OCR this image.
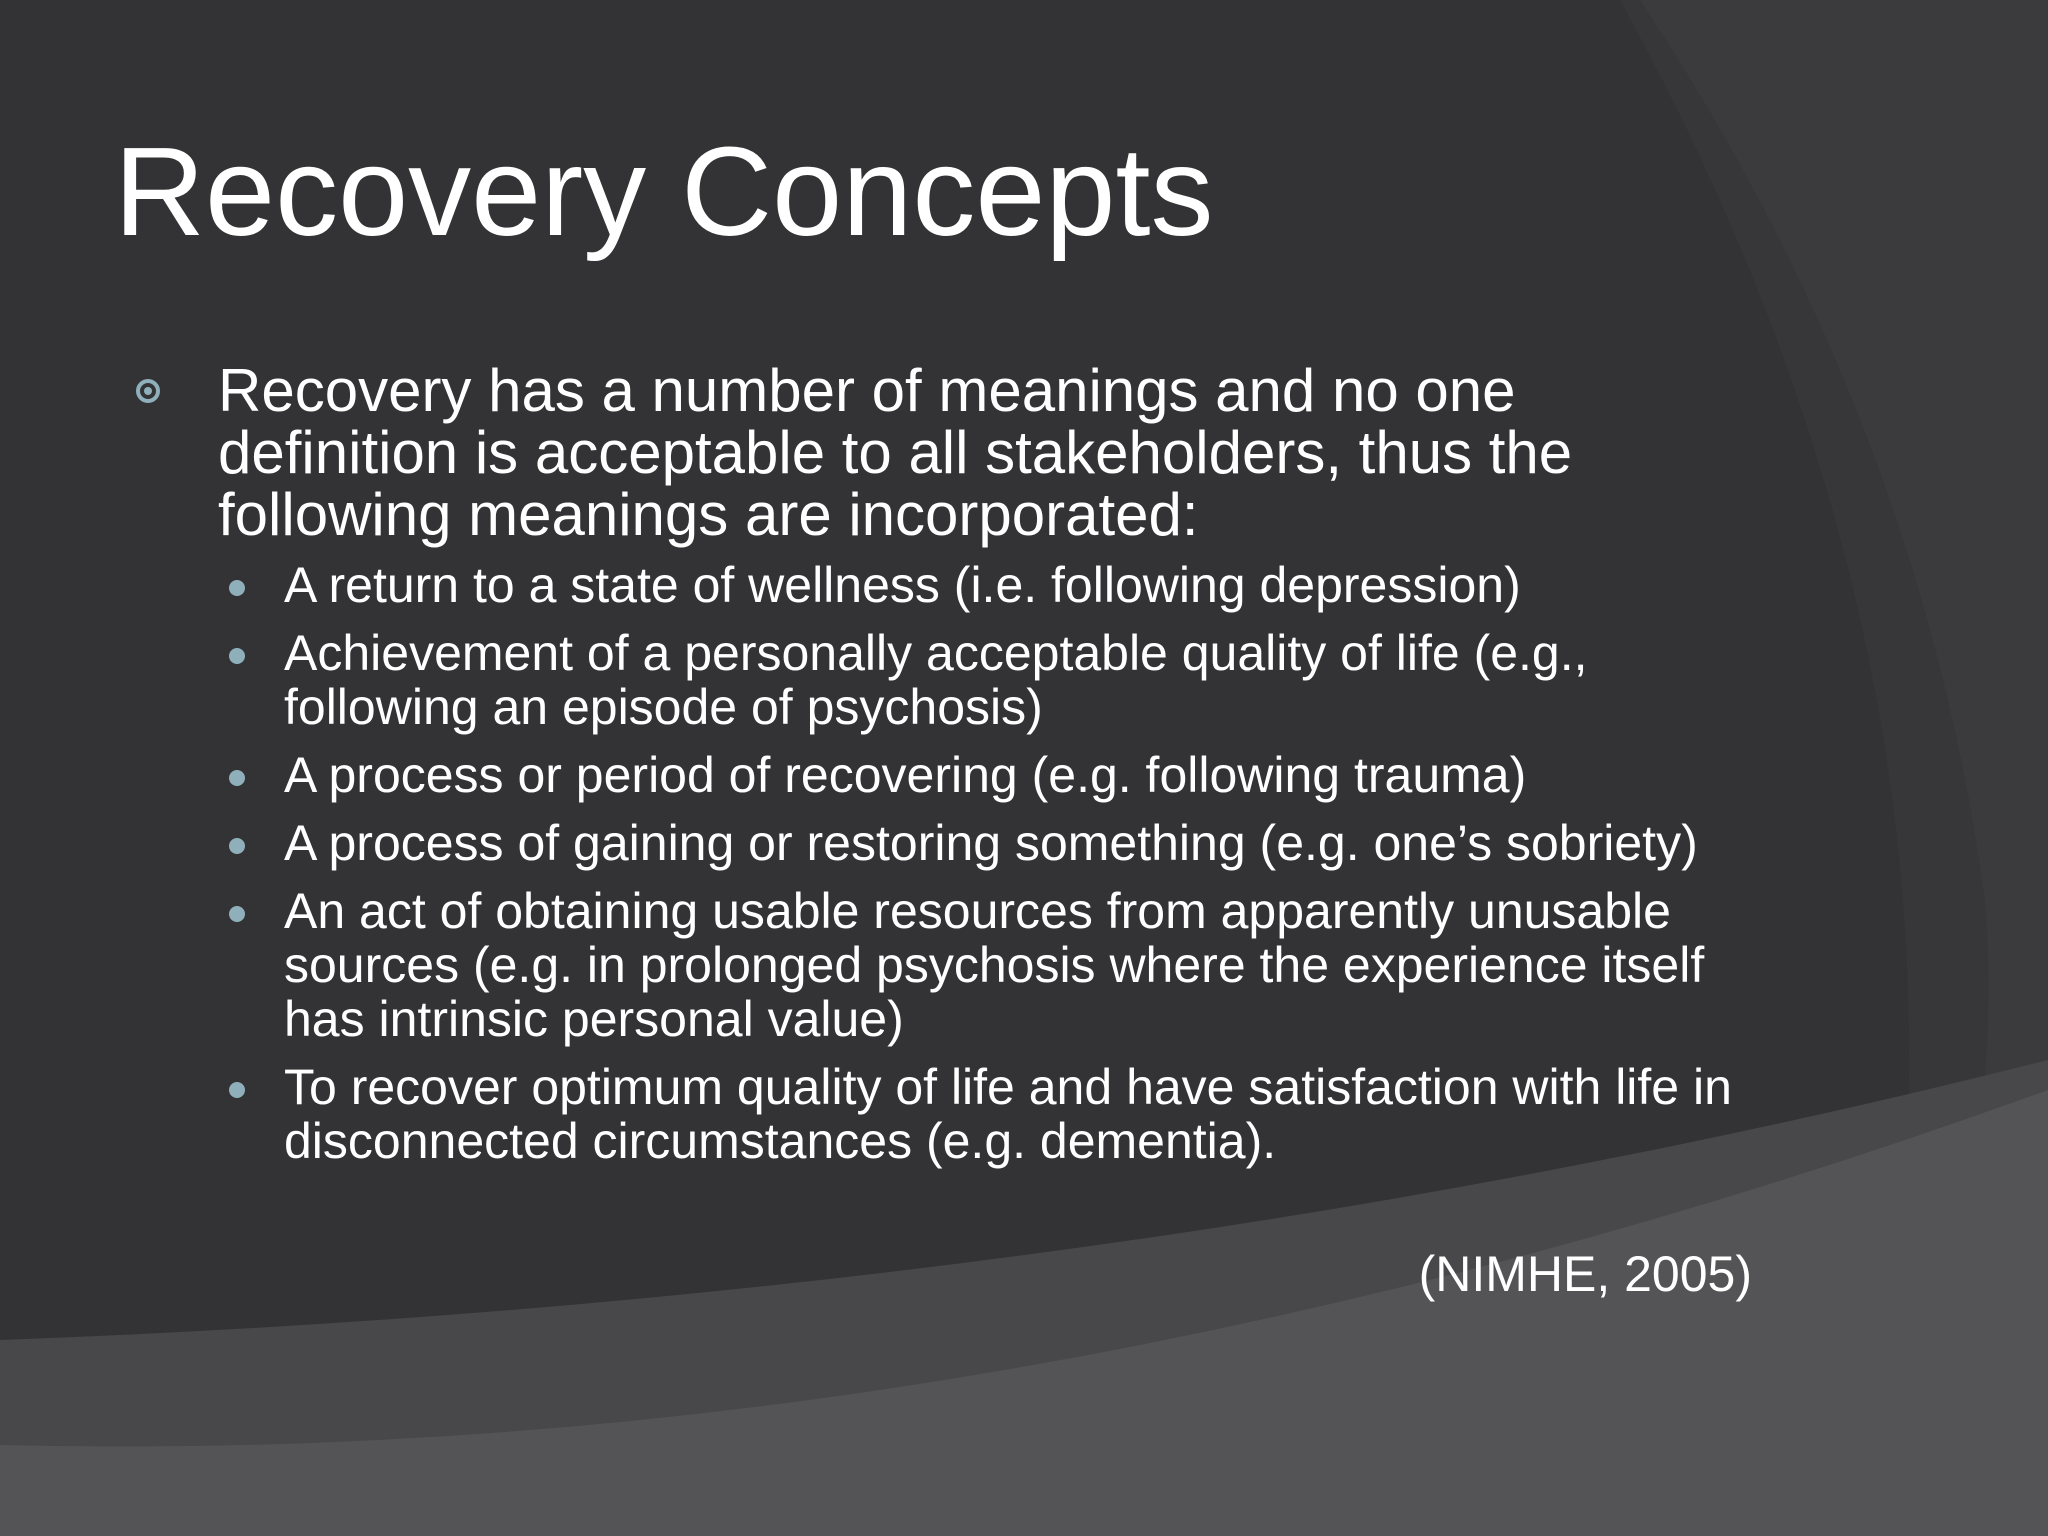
Recovery Concepts

Recovery has a number of meanings and no one definition is acceptable to all stakeholders, thus the following meanings are incorporated:

A return to a state of wellness (i.e. following depression)
Achievement of a personally acceptable quality of life (e.g., following an episode of psychosis)
A process or period of recovering (e.g. following trauma)
A process of gaining or restoring something (e.g. one’s sobriety)
An act of obtaining usable resources from apparently unusable sources (e.g. in prolonged psychosis where the experience itself has intrinsic personal value)
To recover optimum quality of life and have satisfaction with life in disconnected circumstances (e.g. dementia).
(NIMHE, 2005)
